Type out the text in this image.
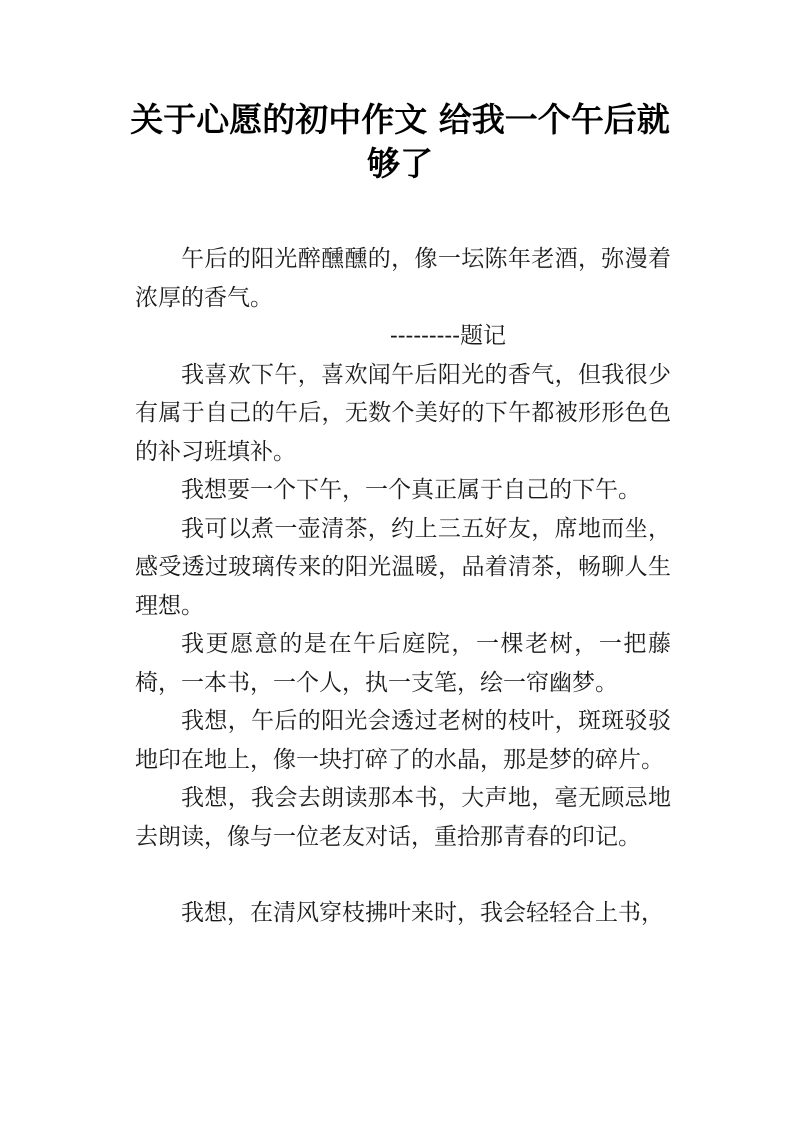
关于心愿的初中作文 给我一个午后就够了

午后的阳光醉醺醺的，像一坛陈年老酒，弥漫着浓厚的香气。

---------题记

我喜欢下午，喜欢闻午后阳光的香气，但我很少有属于自己的午后，无数个美好的下午都被形形色色的补习班填补。

我想要一个下午，一个真正属于自己的下午。

我可以煮一壶清茶，约上三五好友，席地而坐，感受透过玻璃传来的阳光温暖，品着清茶，畅聊人生理想。

我更愿意的是在午后庭院，一棵老树，一把藤椅，一本书，一个人，执一支笔，绘一帘幽梦。

我想，午后的阳光会透过老树的枝叶，斑斑驳驳地印在地上，像一块打碎了的水晶，那是梦的碎片。

我想，我会去朗读那本书，大声地，毫无顾忌地去朗读，像与一位老友对话，重拾那青春的印记。

我想，在清风穿枝拂叶来时，我会轻轻合上书，
